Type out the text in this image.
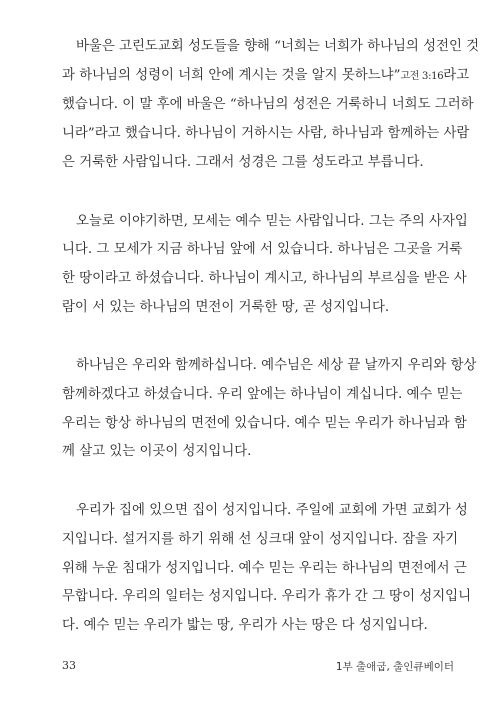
바울은 고린도교회 성도들을 향해 “너희는 너희가 하나님의 성전인 것
과 하나님의 성령이 너희 안에 계시는 것을 알지 못하느냐”고전 3:16라고
했습니다. 이 말 후에 바울은 “하나님의 성전은 거룩하니 너희도 그러하
니라”라고 했습니다. 하나님이 거하시는 사람, 하나님과 함께하는 사람
은 거룩한 사람입니다. 그래서 성경은 그를 성도라고 부릅니다.
오늘로 이야기하면, 모세는 예수 믿는 사람입니다. 그는 주의 사자입
니다. 그 모세가 지금 하나님 앞에 서 있습니다. 하나님은 그곳을 거룩
한 땅이라고 하셨습니다. 하나님이 계시고, 하나님의 부르심을 받은 사
람이 서 있는 하나님의 면전이 거룩한 땅, 곧 성지입니다.
하나님은 우리와 함께하십니다. 예수님은 세상 끝 날까지 우리와 항상
함께하겠다고 하셨습니다. 우리 앞에는 하나님이 계십니다. 예수 믿는
우리는 항상 하나님의 면전에 있습니다. 예수 믿는 우리가 하나님과 함
께 살고 있는 이곳이 성지입니다.
우리가 집에 있으면 집이 성지입니다. 주일에 교회에 가면 교회가 성
지입니다. 설거지를 하기 위해 선 싱크대 앞이 성지입니다. 잠을 자기
위해 누운 침대가 성지입니다. 예수 믿는 우리는 하나님의 면전에서 근
무합니다. 우리의 일터는 성지입니다. 우리가 휴가 간 그 땅이 성지입니
다. 예수 믿는 우리가 밟는 땅, 우리가 사는 땅은 다 성지입니다.
33	1부 출애굽, 출인큐베이터
